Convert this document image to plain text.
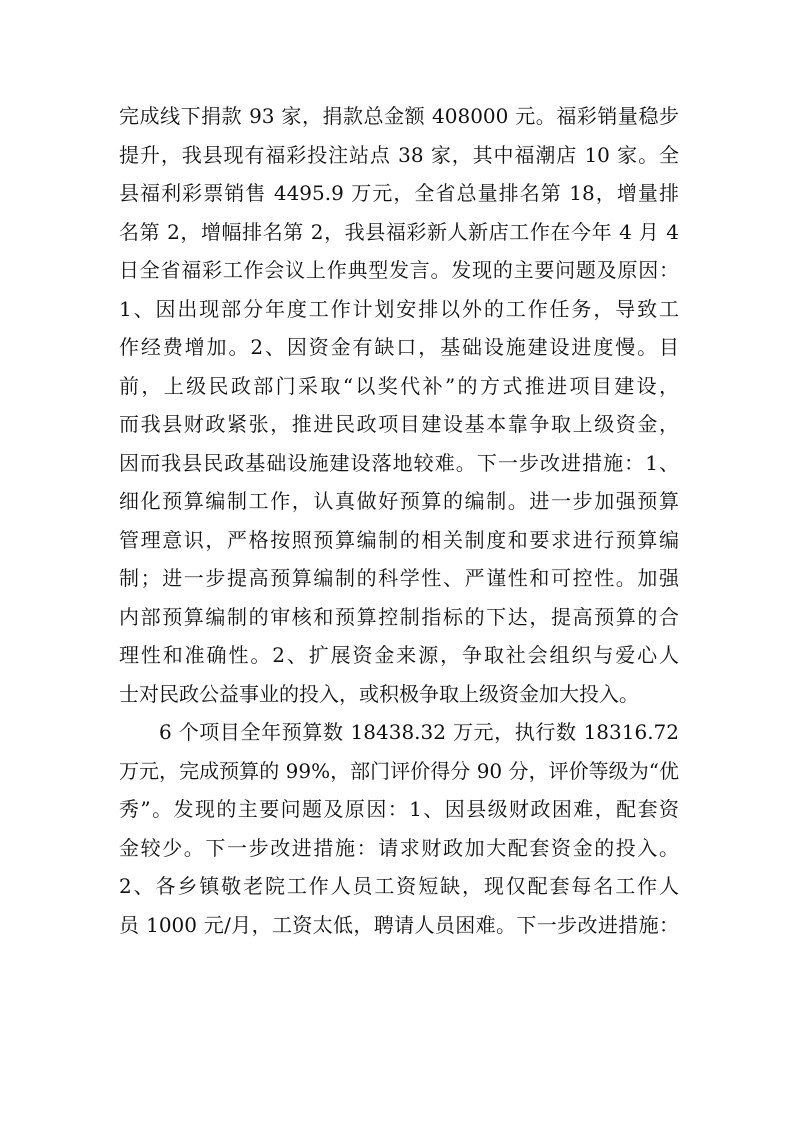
完成线下捐款 93 家，捐款总金额 408000 元。福彩销量稳步
提升，我县现有福彩投注站点 38 家，其中福潮店 10 家。全
县福利彩票销售 4495.9 万元，全省总量排名第 18，增量排
名第 2，增幅排名第 2，我县福彩新人新店工作在今年 4 月 4
日全省福彩工作会议上作典型发言。发现的主要问题及原因：
1、因出现部分年度工作计划安排以外的工作任务，导致工
作经费增加。2、因资金有缺口，基础设施建设进度慢。目
前，上级民政部门采取“以奖代补”的方式推进项目建设，
而我县财政紧张，推进民政项目建设基本靠争取上级资金，
因而我县民政基础设施建设落地较难。下一步改进措施：1、
细化预算编制工作，认真做好预算的编制。进一步加强预算
管理意识，严格按照预算编制的相关制度和要求进行预算编
制；进一步提高预算编制的科学性、严谨性和可控性。加强
内部预算编制的审核和预算控制指标的下达，提高预算的合
理性和准确性。2、扩展资金来源，争取社会组织与爱心人
士对民政公益事业的投入，或积极争取上级资金加大投入。
6 个项目全年预算数 18438.32 万元，执行数 18316.72
万元，完成预算的 99%，部门评价得分 90 分，评价等级为“优
秀”。发现的主要问题及原因：1、因县级财政困难，配套资
金较少。下一步改进措施：请求财政加大配套资金的投入。
2、各乡镇敬老院工作人员工资短缺，现仅配套每名工作人
员 1000 元/月，工资太低，聘请人员困难。下一步改进措施：
